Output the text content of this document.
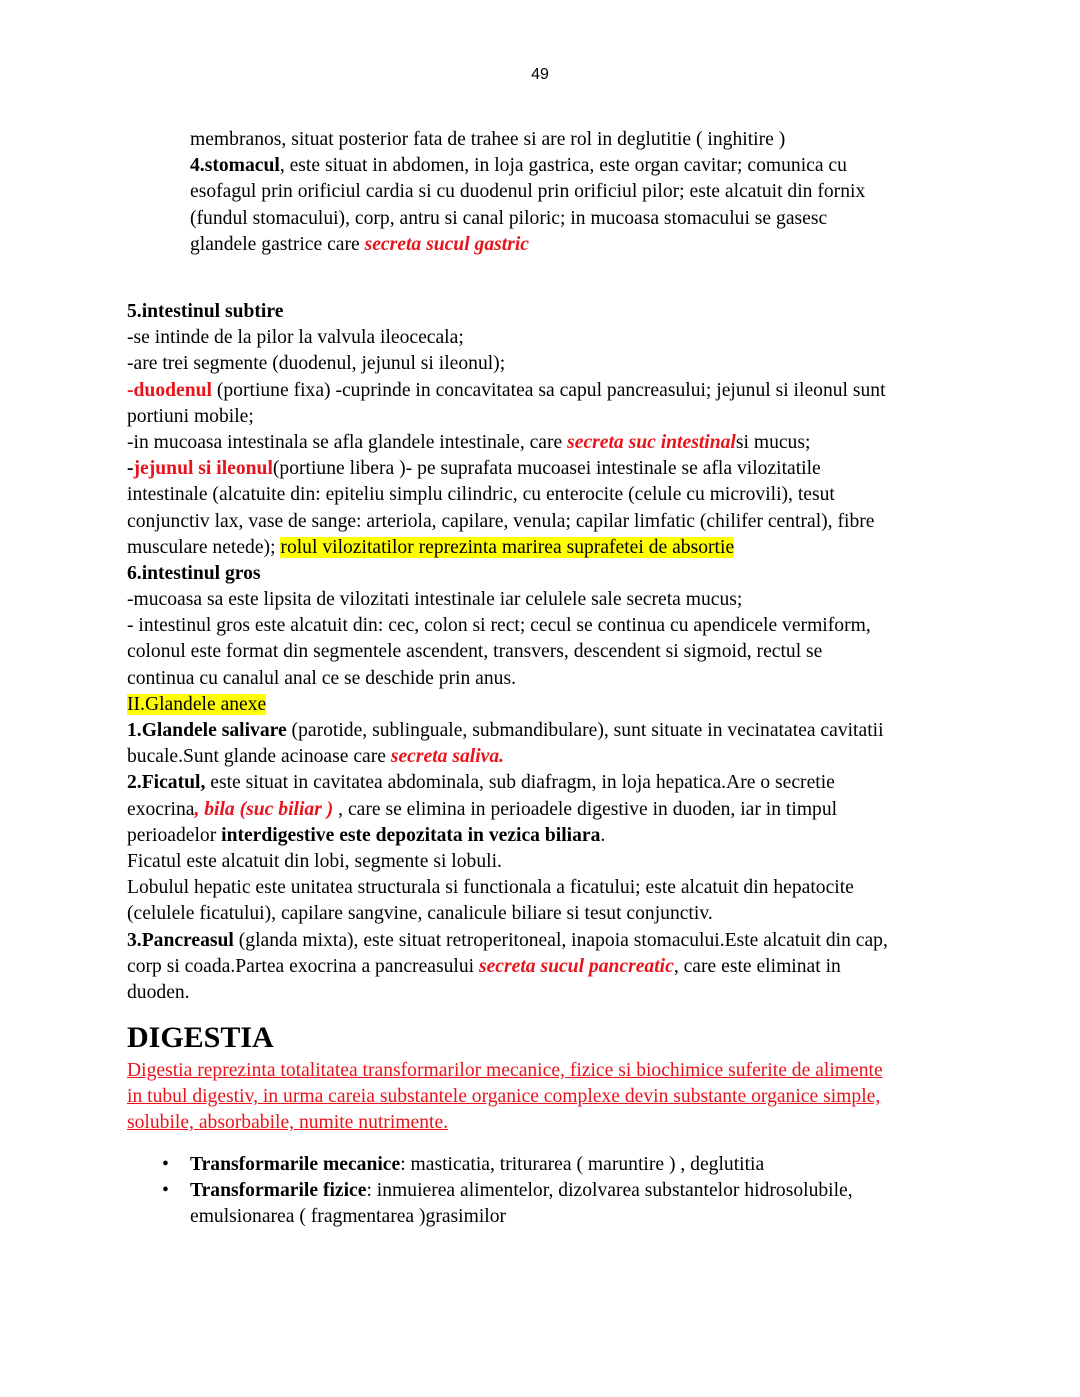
49
membranos, situat posterior fata de trahee si are rol in deglutitie ( inghitire )
4.stomacul, este situat in abdomen, in loja gastrica, este organ cavitar; comunica cu
esofagul prin orificiul cardia si cu duodenul prin orificiul pilor; este alcatuit din fornix
(fundul stomacului), corp, antru si canal piloric; in mucoasa stomacului se gasesc
glandele gastrice care secreta sucul gastric
5.intestinul subtire
-se intinde de la pilor la valvula ileocecala;
-are trei segmente (duodenul, jejunul si ileonul);
-duodenul (portiune fixa) -cuprinde in concavitatea sa capul pancreasului; jejunul si ileonul sunt
portiuni mobile;
-in mucoasa intestinala se afla glandele intestinale, care secreta suc intestinalsi mucus;
-jejunul si ileonul(portiune libera )- pe suprafata mucoasei intestinale se afla vilozitatile
intestinale (alcatuite din: epiteliu simplu cilindric, cu enterocite (celule cu microvili), tesut
conjunctiv lax, vase de sange: arteriola, capilare, venula; capilar limfatic (chilifer central), fibre
musculare netede); rolul vilozitatilor reprezinta marirea suprafetei de absortie
6.intestinul gros
-mucoasa sa este lipsita de vilozitati intestinale iar celulele sale secreta mucus;
- intestinul gros este alcatuit din: cec, colon si rect; cecul se continua cu apendicele vermiform,
colonul este format din segmentele ascendent, transvers, descendent si sigmoid, rectul se
continua cu canalul anal ce se deschide prin anus.
II.Glandele anexe
1.Glandele salivare (parotide, sublinguale, submandibulare), sunt situate in vecinatatea cavitatii
bucale.Sunt glande acinoase care secreta saliva.
2.Ficatul, este situat in cavitatea abdominala, sub diafragm, in loja hepatica.Are o secretie
exocrina, bila (suc biliar ) , care se elimina in perioadele digestive in duoden, iar in timpul
perioadelor interdigestive este depozitata in vezica biliara.
Ficatul este alcatuit din lobi, segmente si lobuli.
Lobulul hepatic este unitatea structurala si functionala a ficatului; este alcatuit din hepatocite
(celulele ficatului), capilare sangvine, canalicule biliare si tesut conjunctiv.
3.Pancreasul (glanda mixta), este situat retroperitoneal, inapoia stomacului.Este alcatuit din cap,
corp si coada.Partea exocrina a pancreasului secreta sucul pancreatic, care este eliminat in
duoden.
DIGESTIA
Digestia reprezinta totalitatea transformarilor mecanice, fizice si biochimice suferite de alimente
in tubul digestiv, in urma careia substantele organice complexe devin substante organice simple,
solubile, absorbabile, numite nutrimente.
• Transformarile mecanice: masticatia, triturarea ( maruntire ) , deglutitia
• Transformarile fizice: inmuierea alimentelor, dizolvarea substantelor hidrosolubile,
emulsionarea ( fragmentarea )grasimilor
